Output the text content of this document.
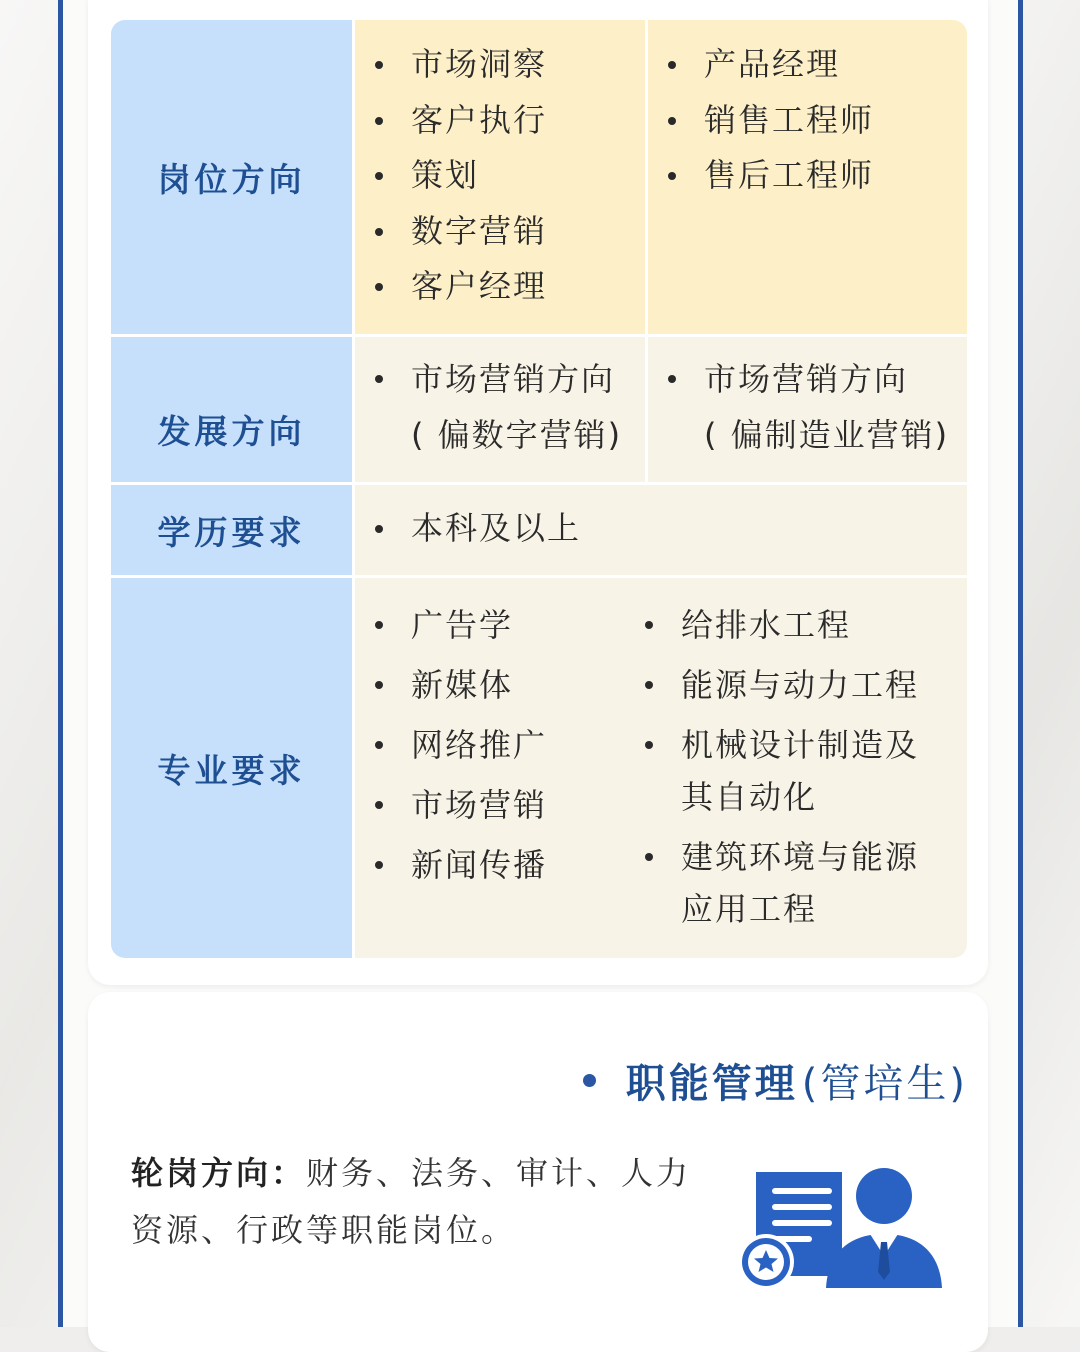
岗位方向
市场洞察
客户执行
策划
数字营销
客户经理
产品经理
销售工程师
售后工程师
发展方向
市场营销方向
( 偏数字营销)
市场营销方向
( 偏制造业营销)
学历要求	本科及以上
专业要求
广告学
新媒体
网络推广
市场营销
新闻传播
给排水工程
能源与动力工程
机械设计制造及
其自动化
建筑环境与能源
应用工程
职能管理 (管培生)
轮岗方向：财务、法务、审计、人力资源、行政等职能岗位。
